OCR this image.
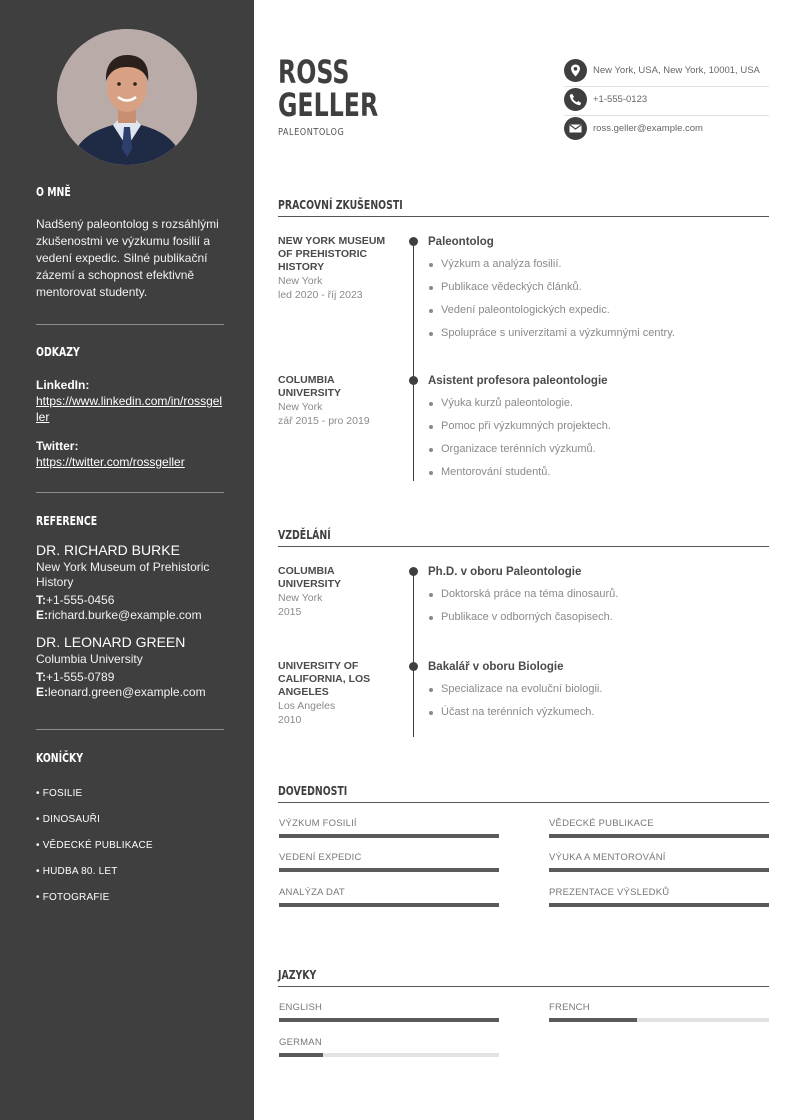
O MNĚ

Nadšený paleontolog s rozsáhlými zkušenostmi ve výzkumu fosilií a vedení expedic. Silné publikační zázemí a schopnost efektivně mentorovat studenty.

ODKAZY
LinkedIn:
https://www.linkedin.com/in/rossgeller
Twitter:
https://twitter.com/rossgeller
REFERENCE

DR. RICHARD BURKE

New York Museum of Prehistoric History

T:+1-555-0456

E:richard.burke@example.com

DR. LEONARD GREEN

Columbia University

T:+1-555-0789

E:leonard.green@example.com

KONÍČKY

• FOSILIE

• DINOSAUŘI

• VĚDECKÉ PUBLIKACE

• HUDBA 80. LET

• FOTOGRAFIE

ROSS
GELLER
PALEONTOLOG
New York, USA, New York, 10001, USA
+1-555-0123
ross.geller@example.com
PRACOVNÍ ZKUŠENOSTI

NEW YORK MUSEUM OF PREHISTORIC HISTORY

New York

led 2020 - říj 2023

Paleontolog

Výzkum a analýza fosilií.

Publikace vědeckých článků.

Vedení paleontologických expedic.

Spolupráce s univerzitami a výzkumnými centry.

COLUMBIA UNIVERSITY

New York

zář 2015 - pro 2019

Asistent profesora paleontologie

Výuka kurzů paleontologie.

Pomoc při výzkumných projektech.

Organizace terénních výzkumů.

Mentorování studentů.

VZDĚLÁNÍ

COLUMBIA UNIVERSITY

New York

2015

Ph.D. v oboru Paleontologie

Doktorská práce na téma dinosaurů.

Publikace v odborných časopisech.

UNIVERSITY OF CALIFORNIA, LOS ANGELES

Los Angeles

2010

Bakalář v oboru Biologie

Specializace na evoluční biologii.

Účast na terénních výzkumech.

DOVEDNOSTI
VÝZKUM FOSILIÍ	VĚDECKÉ PUBLIKACE
VEDENÍ EXPEDIC	VÝUKA A MENTOROVÁNÍ
ANALÝZA DAT	PREZENTACE VÝSLEDKŮ
JAZYKY
ENGLISH	FRENCH
GERMAN
